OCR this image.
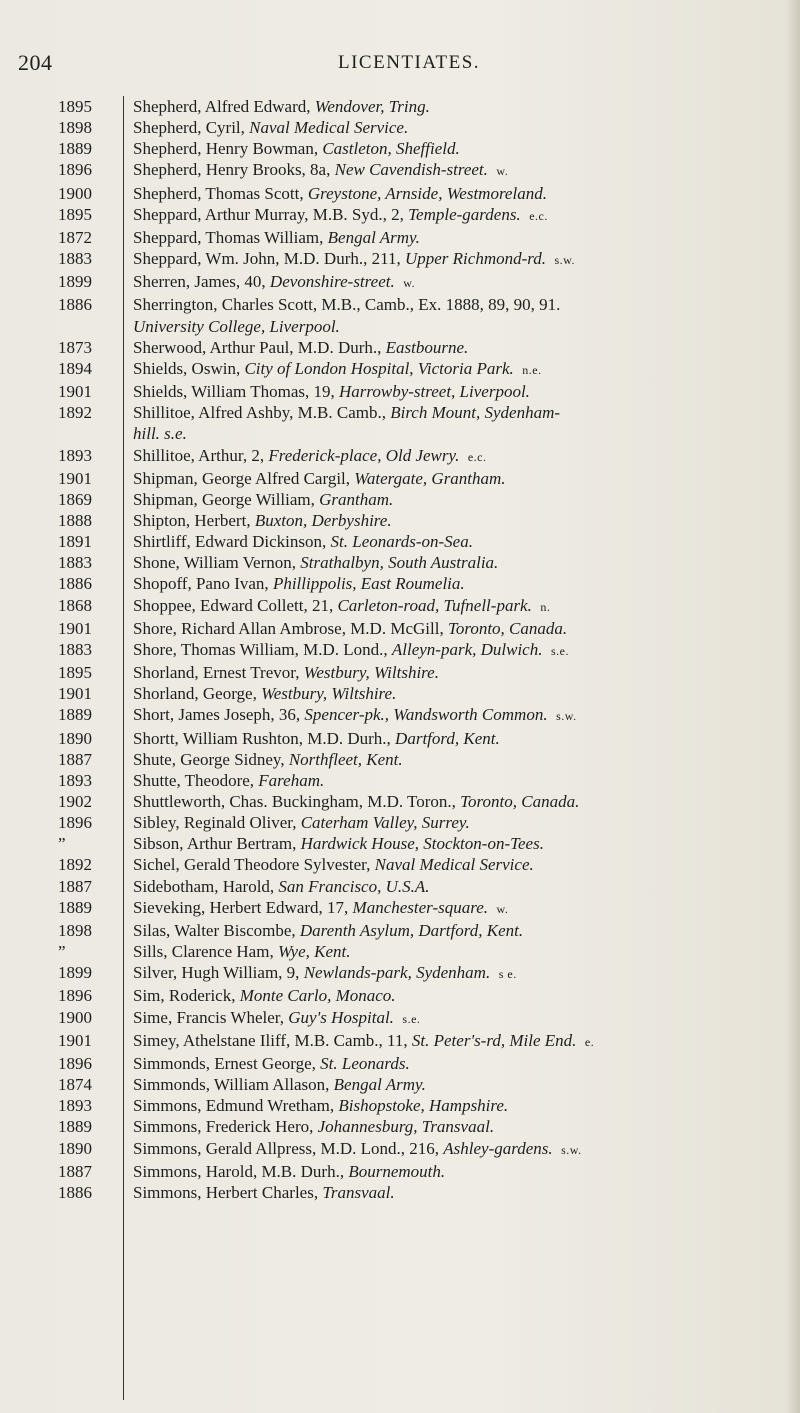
204	LICENTIATES.
1895	Shepherd, Alfred Edward, Wendover, Tring.
1898	Shepherd, Cyril, Naval Medical Service.
1889	Shepherd, Henry Bowman, Castleton, Sheffield.
1896	Shepherd, Henry Brooks, 8a, New Cavendish-street. w.
1900	Shepherd, Thomas Scott, Greystone, Arnside, Westmoreland.
1895	Sheppard, Arthur Murray, M.B. Syd., 2, Temple-gardens. e.c.
1872	Sheppard, Thomas William, Bengal Army.
1883	Sheppard, Wm. John, M.D. Durh., 211, Upper Richmond-rd. s.w.
1899	Sherren, James, 40, Devonshire-street. w.
1886	Sherrington, Charles Scott, M.B., Camb., Ex. 1888, 89, 90, 91.
University College, Liverpool.
1873	Sherwood, Arthur Paul, M.D. Durh., Eastbourne.
1894	Shields, Oswin, City of London Hospital, Victoria Park. n.e.
1901	Shields, William Thomas, 19, Harrowby-street, Liverpool.
1892	Shillitoe, Alfred Ashby, M.B. Camb., Birch Mount, Sydenham-
hill. s.e.
1893	Shillitoe, Arthur, 2, Frederick-place, Old Jewry. e.c.
1901	Shipman, George Alfred Cargil, Watergate, Grantham.
1869	Shipman, George William, Grantham.
1888	Shipton, Herbert, Buxton, Derbyshire.
1891	Shirtliff, Edward Dickinson, St. Leonards-on-Sea.
1883	Shone, William Vernon, Strathalbyn, South Australia.
1886	Shopoff, Pano Ivan, Phillippolis, East Roumelia.
1868	Shoppee, Edward Collett, 21, Carleton-road, Tufnell-park. n.
1901	Shore, Richard Allan Ambrose, M.D. McGill, Toronto, Canada.
1883	Shore, Thomas William, M.D. Lond., Alleyn-park, Dulwich. s.e.
1895	Shorland, Ernest Trevor, Westbury, Wiltshire.
1901	Shorland, George, Westbury, Wiltshire.
1889	Short, James Joseph, 36, Spencer-pk., Wandsworth Common. s.w.
1890	Shortt, William Rushton, M.D. Durh., Dartford, Kent.
1887	Shute, George Sidney, Northfleet, Kent.
1893	Shutte, Theodore, Fareham.
1902	Shuttleworth, Chas. Buckingham, M.D. Toron., Toronto, Canada.
1896	Sibley, Reginald Oliver, Caterham Valley, Surrey.
”	Sibson, Arthur Bertram, Hardwick House, Stockton-on-Tees.
1892	Sichel, Gerald Theodore Sylvester, Naval Medical Service.
1887	Sidebotham, Harold, San Francisco, U.S.A.
1889	Sieveking, Herbert Edward, 17, Manchester-square. w.
1898	Silas, Walter Biscombe, Darenth Asylum, Dartford, Kent.
”	Sills, Clarence Ham, Wye, Kent.
1899	Silver, Hugh William, 9, Newlands-park, Sydenham. s e.
1896	Sim, Roderick, Monte Carlo, Monaco.
1900	Sime, Francis Wheler, Guy's Hospital. s.e.
1901	Simey, Athelstane Iliff, M.B. Camb., 11, St. Peter's-rd, Mile End. e.
1896	Simmonds, Ernest George, St. Leonards.
1874	Simmonds, William Allason, Bengal Army.
1893	Simmons, Edmund Wretham, Bishopstoke, Hampshire.
1889	Simmons, Frederick Hero, Johannesburg, Transvaal.
1890	Simmons, Gerald Allpress, M.D. Lond., 216, Ashley-gardens. s.w.
1887	Simmons, Harold, M.B. Durh., Bournemouth.
1886	Simmons, Herbert Charles, Transvaal.
